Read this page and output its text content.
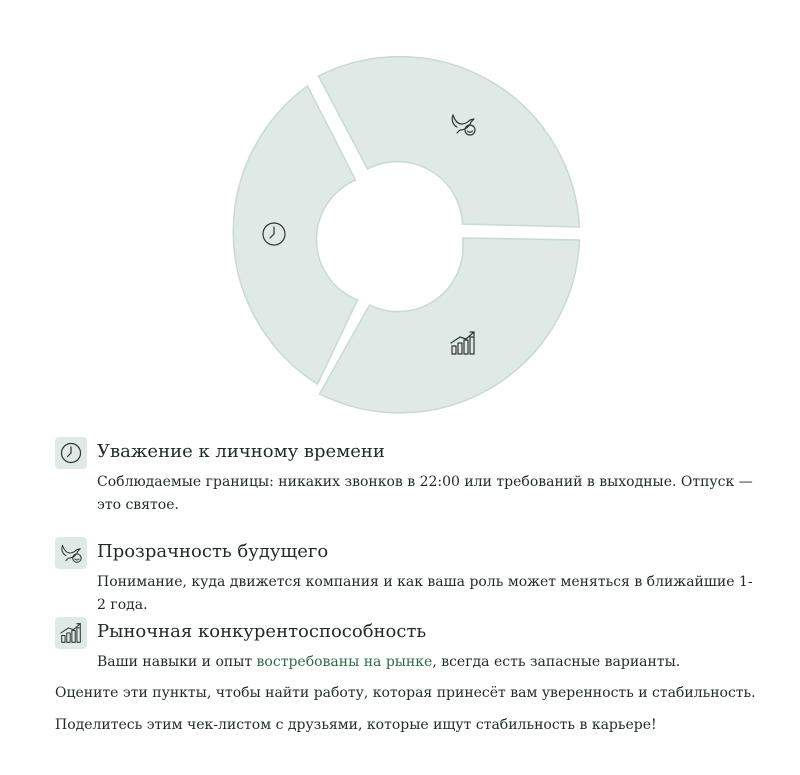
Уважение к личному времени
Соблюдаемые границы: никаких звонков в 22:00 или требований в выходные. Отпуск — это святое.
Прозрачность будущего
Понимание, куда движется компания и как ваша роль может меняться в ближайшие 1-2 года.
Рыночная конкурентоспособность
Ваши навыки и опыт востребованы на рынке, всегда есть запасные варианты.
Оцените эти пункты, чтобы найти работу, которая принесёт вам уверенность и стабильность.
Поделитесь этим чек-листом с друзьями, которые ищут стабильность в карьере!
